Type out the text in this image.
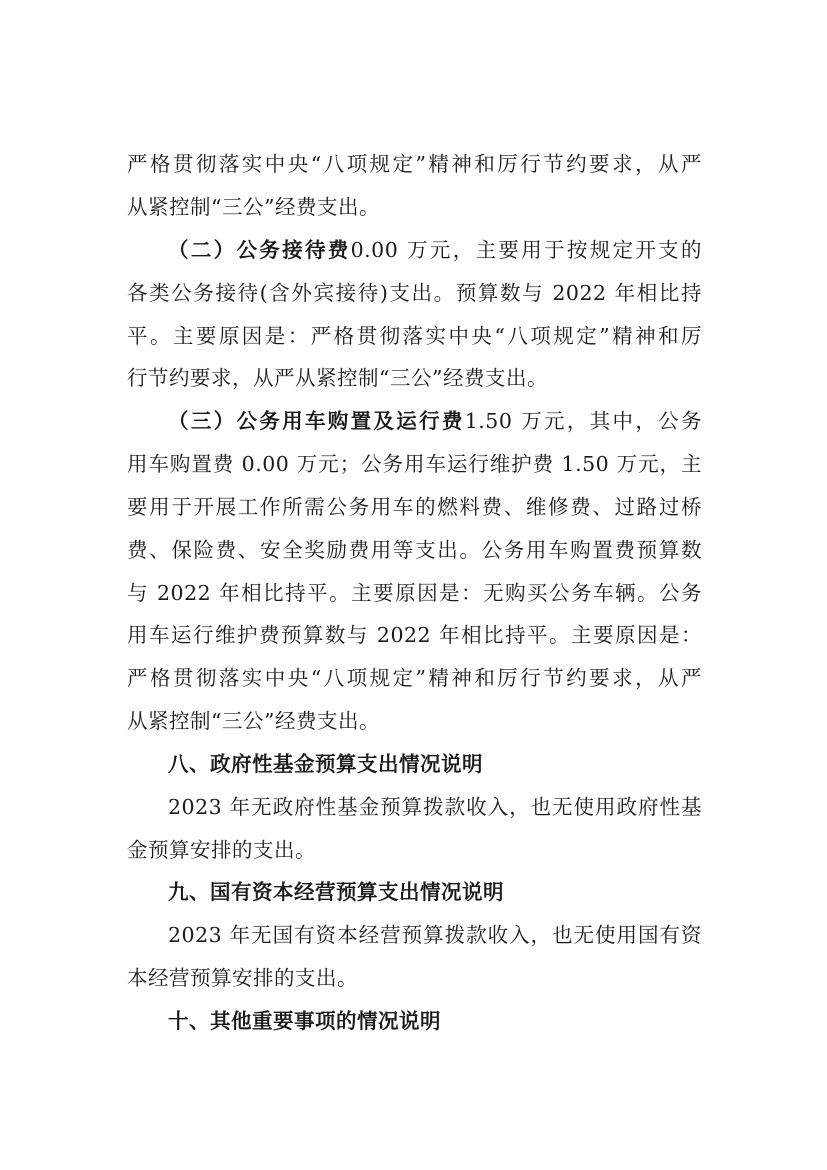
严格贯彻落实中央“八项规定”精神和厉行节约要求，从严
从紧控制“三公”经费支出。
（二）公务接待费0.00 万元，主要用于按规定开支的
各类公务接待(含外宾接待)支出。预算数与 2022 年相比持
平。主要原因是：严格贯彻落实中央“八项规定”精神和厉
行节约要求，从严从紧控制“三公”经费支出。
（三）公务用车购置及运行费1.50 万元，其中，公务
用车购置费 0.00 万元；公务用车运行维护费 1.50 万元，主
要用于开展工作所需公务用车的燃料费、维修费、过路过桥
费、保险费、安全奖励费用等支出。公务用车购置费预算数
与 2022 年相比持平。主要原因是：无购买公务车辆。公务
用车运行维护费预算数与 2022 年相比持平。主要原因是：
严格贯彻落实中央“八项规定”精神和厉行节约要求，从严
从紧控制“三公”经费支出。
八、政府性基金预算支出情况说明
2023 年无政府性基金预算拨款收入，也无使用政府性基
金预算安排的支出。
九、国有资本经营预算支出情况说明
2023 年无国有资本经营预算拨款收入，也无使用国有资
本经营预算安排的支出。
十、其他重要事项的情况说明
